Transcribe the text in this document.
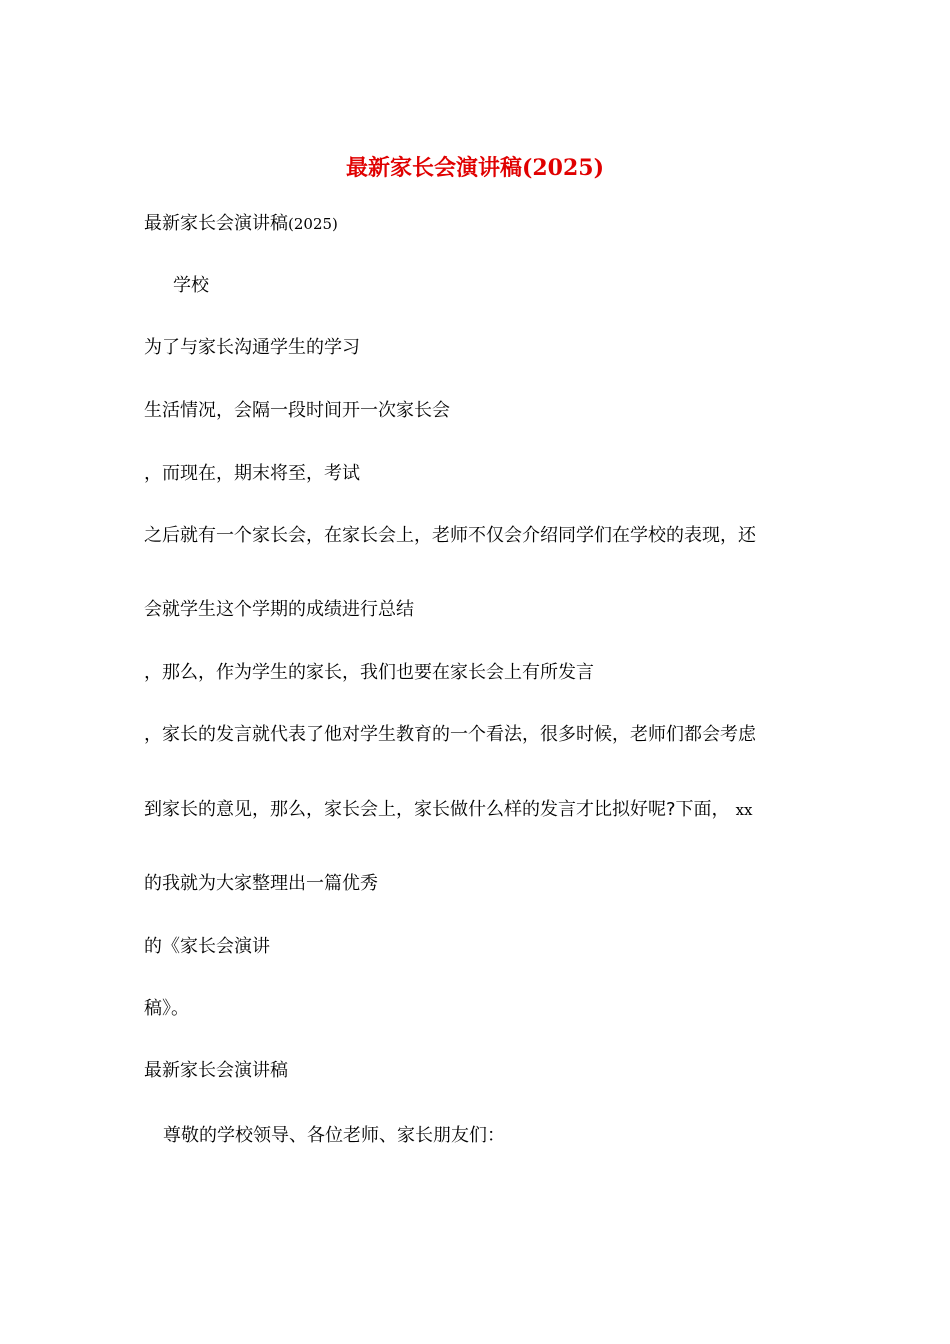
最新家长会演讲稿(2025)

最新家长会演讲稿(2025)

学校

为了与家长沟通学生的学习

生活情况，会隔一段时间开一次家长会

，而现在，期末将至，考试

之后就有一个家长会，在家长会上，老师不仅会介绍同学们在学校的表现，还

会就学生这个学期的成绩进行总结

，那么，作为学生的家长，我们也要在家长会上有所发言

，家长的发言就代表了他对学生教育的一个看法，很多时候，老师们都会考虑

到家长的意见，那么，家长会上，家长做什么样的发言才比拟好呢?下面， xx

的我就为大家整理出一篇优秀

的《家长会演讲

稿》。

最新家长会演讲稿

尊敬的学校领导、各位老师、家长朋友们：
